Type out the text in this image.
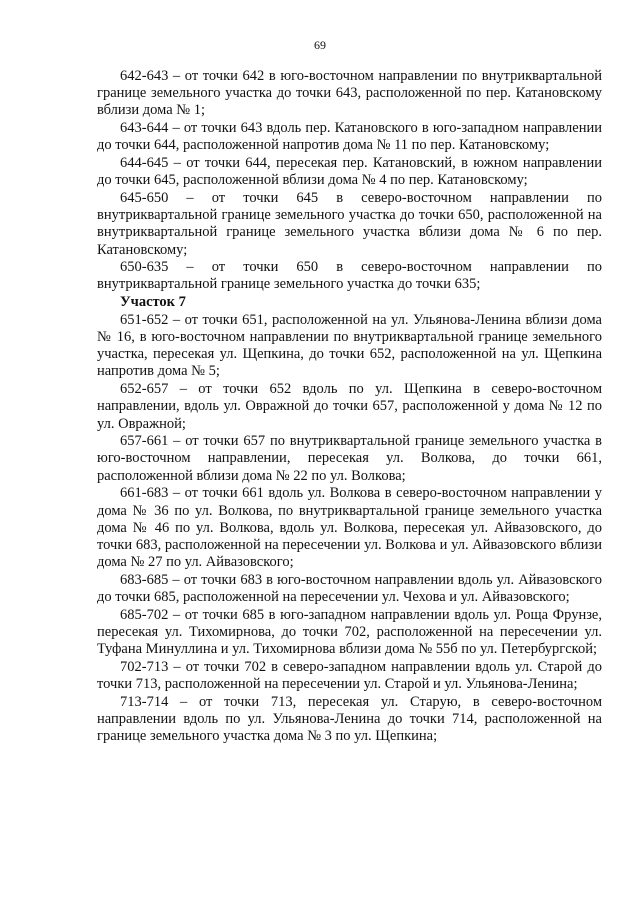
69

642-643 – от точки 642 в юго-восточном направлении по внутриквартальной границе земельного участка до точки 643, расположенной по пер. Катановскому вблизи дома № 1;

643-644 – от точки 643 вдоль пер. Катановского в юго-западном направлении до точки 644, расположенной напротив дома № 11 по пер. Катановскому;

644-645 – от точки 644, пересекая пер. Катановский, в южном направлении до точки 645, расположенной вблизи дома № 4 по пер. Катановскому;

645-650 – от точки 645 в северо-восточном направлении по внутриквартальной границе земельного участка до точки 650, расположенной на внутриквартальной границе земельного участка вблизи дома № 6 по пер. Катановскому;

650-635 – от точки 650 в северо-восточном направлении по внутриквартальной границе земельного участка до точки 635;

Участок 7

651-652 – от точки 651, расположенной на ул. Ульянова-Ленина вблизи дома № 16, в юго-восточном направлении по внутриквартальной границе земельного участка, пересекая ул. Щепкина, до точки 652, расположенной на ул. Щепкина напротив дома № 5;

652-657 – от точки 652 вдоль по ул. Щепкина в северо-восточном направлении, вдоль ул. Овражной до точки 657, расположенной у дома № 12 по ул. Овражной;

657-661 – от точки 657 по внутриквартальной границе земельного участка в юго-восточном направлении, пересекая ул. Волкова, до точки 661, расположенной вблизи дома № 22 по ул. Волкова;

661-683 – от точки 661 вдоль ул. Волкова в северо-восточном направлении у дома № 36 по ул. Волкова, по внутриквартальной границе земельного участка дома № 46 по ул. Волкова, вдоль ул. Волкова, пересекая ул. Айвазовского, до точки 683, расположенной на пересечении ул. Волкова и ул. Айвазовского вблизи дома № 27 по ул. Айвазовского;

683-685 – от точки 683 в юго-восточном направлении вдоль ул. Айвазовского до точки 685, расположенной на пересечении ул. Чехова и ул. Айвазовского;

685-702 – от точки 685 в юго-западном направлении вдоль ул. Роща Фрунзе, пересекая ул. Тихомирнова, до точки 702, расположенной на пересечении ул. Туфана Минуллина и ул. Тихомирнова вблизи дома № 55б по ул. Петербургской;

702-713 – от точки 702 в северо-западном направлении вдоль ул. Старой до точки 713, расположенной на пересечении ул. Старой и ул. Ульянова-Ленина;

713-714 – от точки 713, пересекая ул. Старую, в северо-восточном направлении вдоль по ул. Ульянова-Ленина до точки 714, расположенной на границе земельного участка дома № 3 по ул. Щепкина;
